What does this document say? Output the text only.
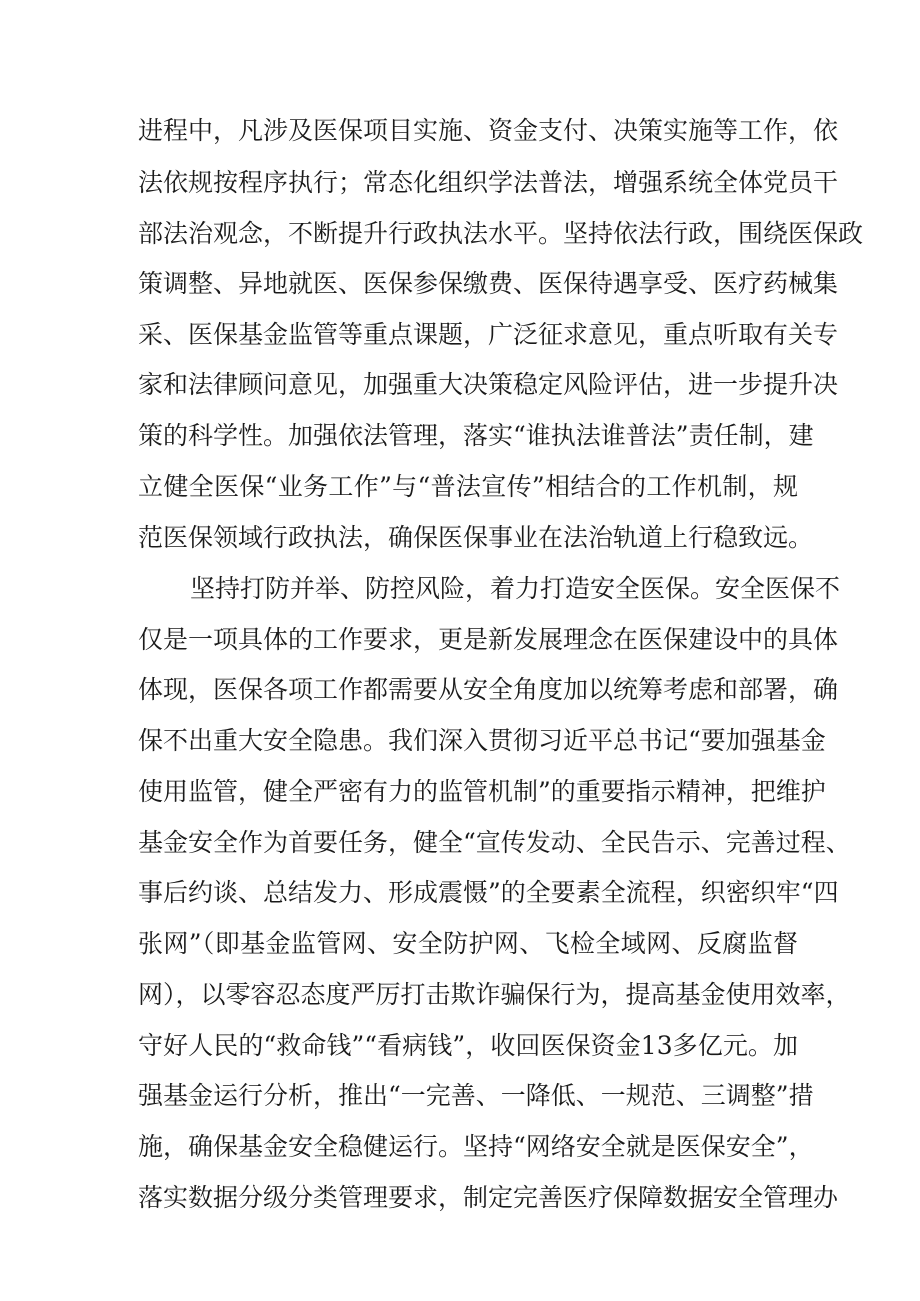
进程中，凡涉及医保项目实施、资金支付、决策实施等工作，依
法依规按程序执行；常态化组织学法普法，增强系统全体党员干
部法治观念，不断提升行政执法水平。坚持依法行政，围绕医保政
策调整、异地就医、医保参保缴费、医保待遇享受、医疗药械集
采、医保基金监管等重点课题，广泛征求意见，重点听取有关专
家和法律顾问意见，加强重大决策稳定风险评估，进一步提升决
策的科学性。加强依法管理，落实“谁执法谁普法”责任制，建
立健全医保“业务工作”与“普法宣传”相结合的工作机制，规
范医保领域行政执法，确保医保事业在法治轨道上行稳致远。
坚持打防并举、防控风险，着力打造安全医保。安全医保不
仅是一项具体的工作要求，更是新发展理念在医保建设中的具体
体现，医保各项工作都需要从安全角度加以统筹考虑和部署，确
保不出重大安全隐患。我们深入贯彻习近平总书记“要加强基金
使用监管，健全严密有力的监管机制”的重要指示精神，把维护
基金安全作为首要任务，健全“宣传发动、全民告示、完善过程、
事后约谈、总结发力、形成震慑”的全要素全流程，织密织牢“四
张网”（即基金监管网、安全防护网、飞检全域网、反腐监督
网），以零容忍态度严厉打击欺诈骗保行为，提高基金使用效率，
守好人民的“救命钱”“看病钱”，收回医保资金13多亿元。加
强基金运行分析，推出“一完善、一降低、一规范、三调整”措
施，确保基金安全稳健运行。坚持“网络安全就是医保安全”，
落实数据分级分类管理要求，制定完善医疗保障数据安全管理办
